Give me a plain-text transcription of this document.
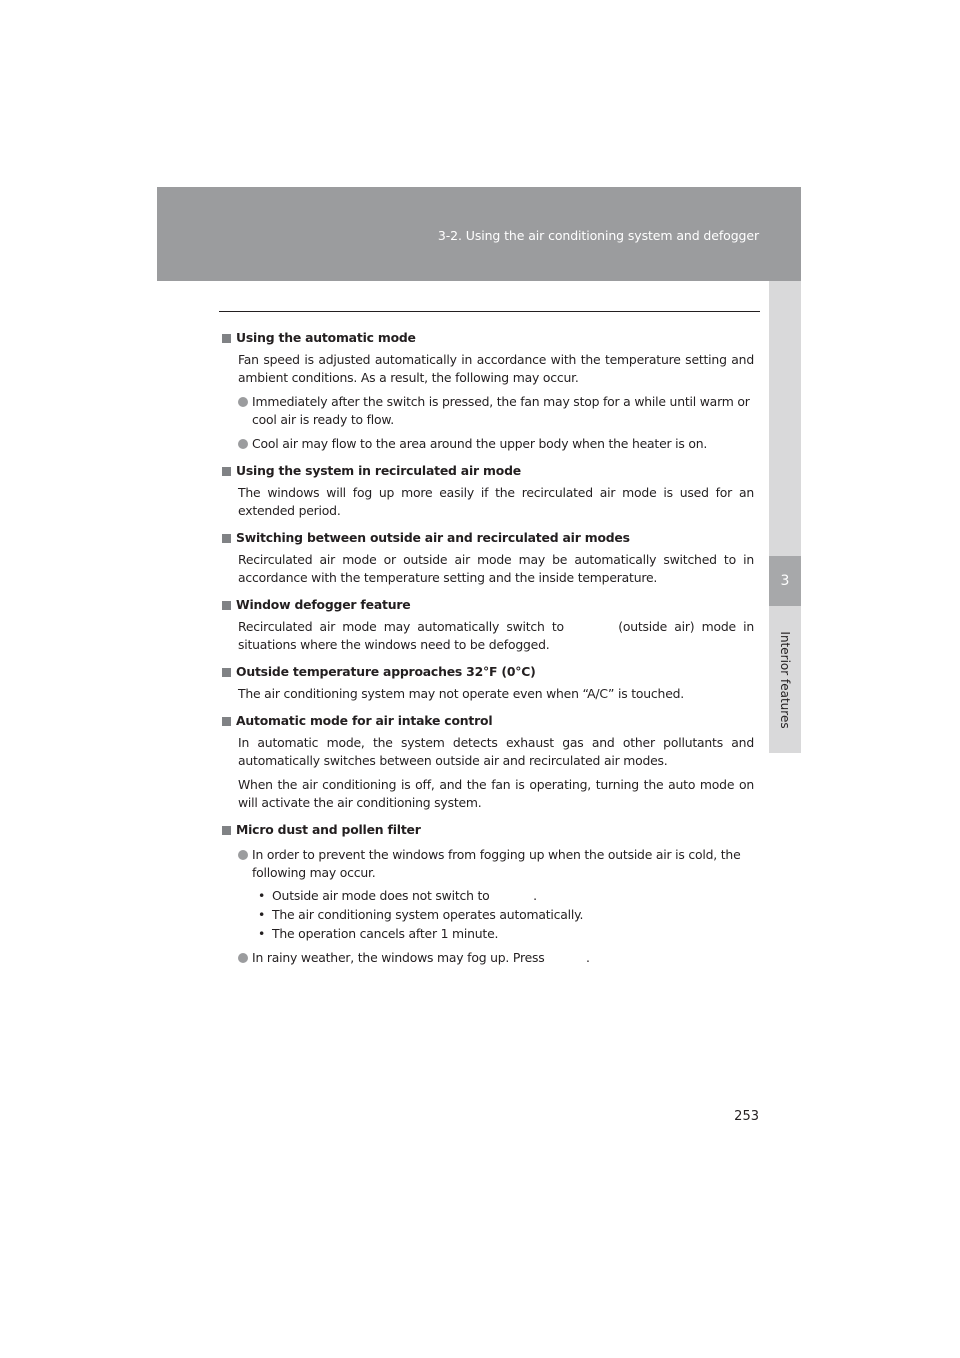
3-2. Using the air conditioning system and defogger
3
Interior features
Using the automatic mode
Fan speed is adjusted automatically in accordance with the temperature setting and ambient conditions. As a result, the following may occur.
Immediately after the switch is pressed, the fan may stop for a while until warm or cool air is ready to flow.
Cool air may flow to the area around the upper body when the heater is on.
Using the system in recirculated air mode
The windows will fog up more easily if the recirculated air mode is used for an extended period.
Switching between outside air and recirculated air modes
Recirculated air mode or outside air mode may be automatically switched to in accordance with the temperature setting and the inside temperature.
Window defogger feature
Recirculated air mode may automatically switch to	(outside air) mode in situations where the windows need to be defogged.
Outside temperature approaches 32°F (0°C)
The air conditioning system may not operate even when “A/C” is touched.
Automatic mode for air intake control
In automatic mode, the system detects exhaust gas and other pollutants and automatically switches between outside air and recirculated air modes.
When the air conditioning is off, and the fan is operating, turning the auto mode on will activate the air conditioning system.
Micro dust and pollen filter
In order to prevent the windows from fogging up when the outside air is cold, the following may occur.
• Outside air mode does not switch to	.
• The air conditioning system operates automatically.
• The operation cancels after 1 minute.
In rainy weather, the windows may fog up. Press	.
253
